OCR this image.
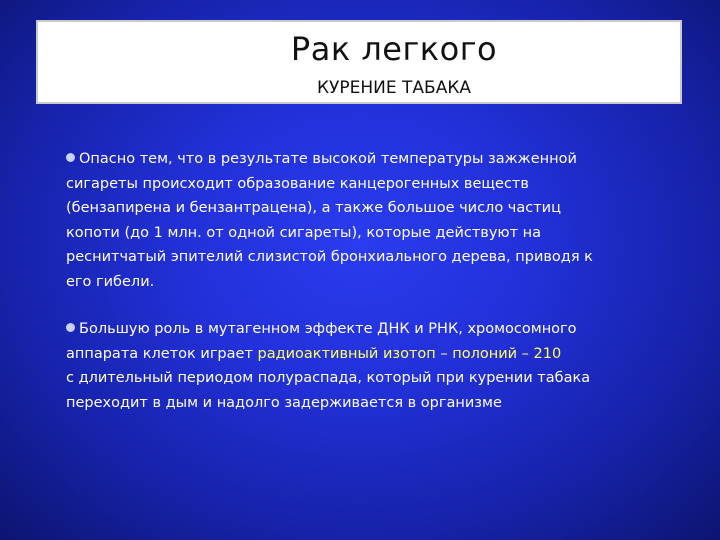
Рак легкого
КУРЕНИЕ ТАБАКА

Опасно тем, что в результате высокой температуры зажженной
сигареты происходит образование канцерогенных веществ
(бензапирена и бензантрацена), а также большое число частиц
копоти (до 1 млн. от одной сигареты), которые действуют на
реснитчатый эпителий слизистой бронхиального дерева, приводя к
его гибели.

Большую роль в мутагенном эффекте ДНК и РНК, хромосомного
аппарата клеток играет радиоактивный изотоп – полоний – 210
с длительный периодом полураспада, который при курении табака
переходит в дым и надолго задерживается в организме
